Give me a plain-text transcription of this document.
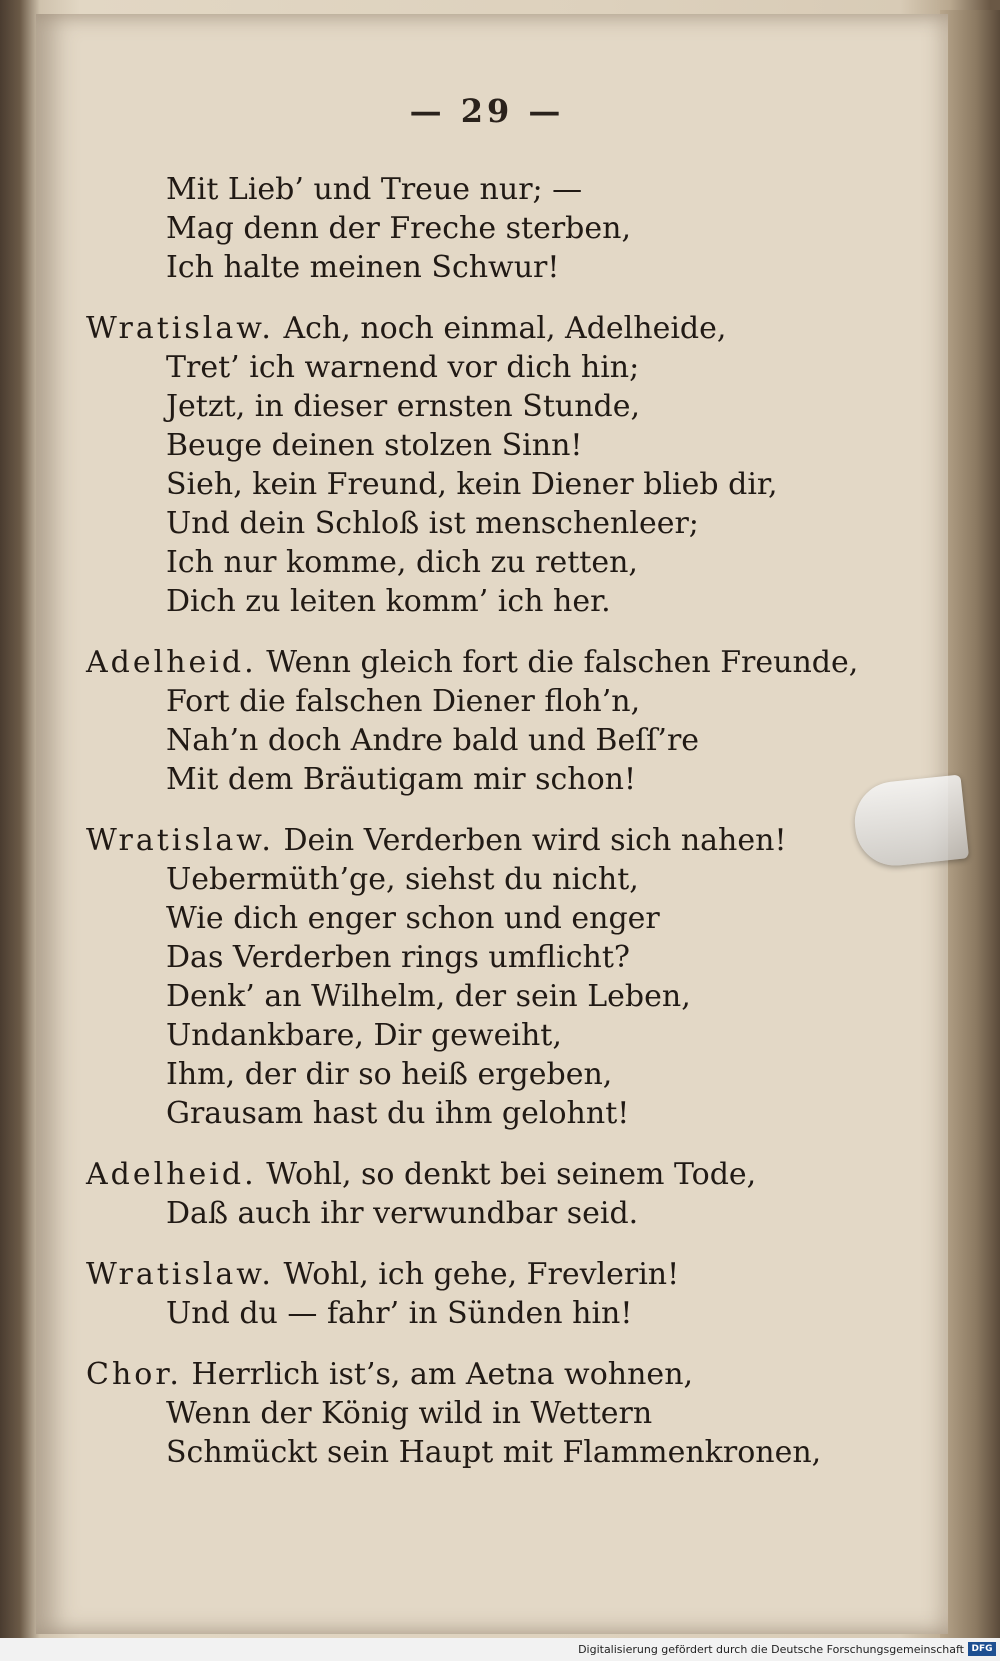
— 29 —
Mit Lieb’ und Treue nur; —
Mag denn der Freche sterben,
Ich halte meinen Schwur!
Wratislaw. Ach, noch einmal, Adelheide,
Tret’ ich warnend vor dich hin;
Jetzt, in dieser ernsten Stunde,
Beuge deinen stolzen Sinn!
Sieh, kein Freund, kein Diener blieb dir,
Und dein Schloß ist menschenleer;
Ich nur komme, dich zu retten,
Dich zu leiten komm’ ich her.
Adelheid. Wenn gleich fort die falschen Freunde,
Fort die falschen Diener floh’n,
Nah’n doch Andre bald und Beſſ’re
Mit dem Bräutigam mir schon!
Wratislaw. Dein Verderben wird sich nahen!
Uebermüth’ge, siehst du nicht,
Wie dich enger schon und enger
Das Verderben rings umflicht?
Denk’ an Wilhelm, der sein Leben,
Undankbare, Dir geweiht,
Ihm, der dir so heiß ergeben,
Grausam hast du ihm gelohnt!
Adelheid. Wohl, so denkt bei seinem Tode,
Daß auch ihr verwundbar seid.
Wratislaw. Wohl, ich gehe, Frevlerin!
Und du — fahr’ in Sünden hin!
Chor. Herrlich ist’s, am Aetna wohnen,
Wenn der König wild in Wettern
Schmückt sein Haupt mit Flammenkronen,
Digitalisierung gefördert durch die Deutsche Forschungsgemeinschaft DFG
